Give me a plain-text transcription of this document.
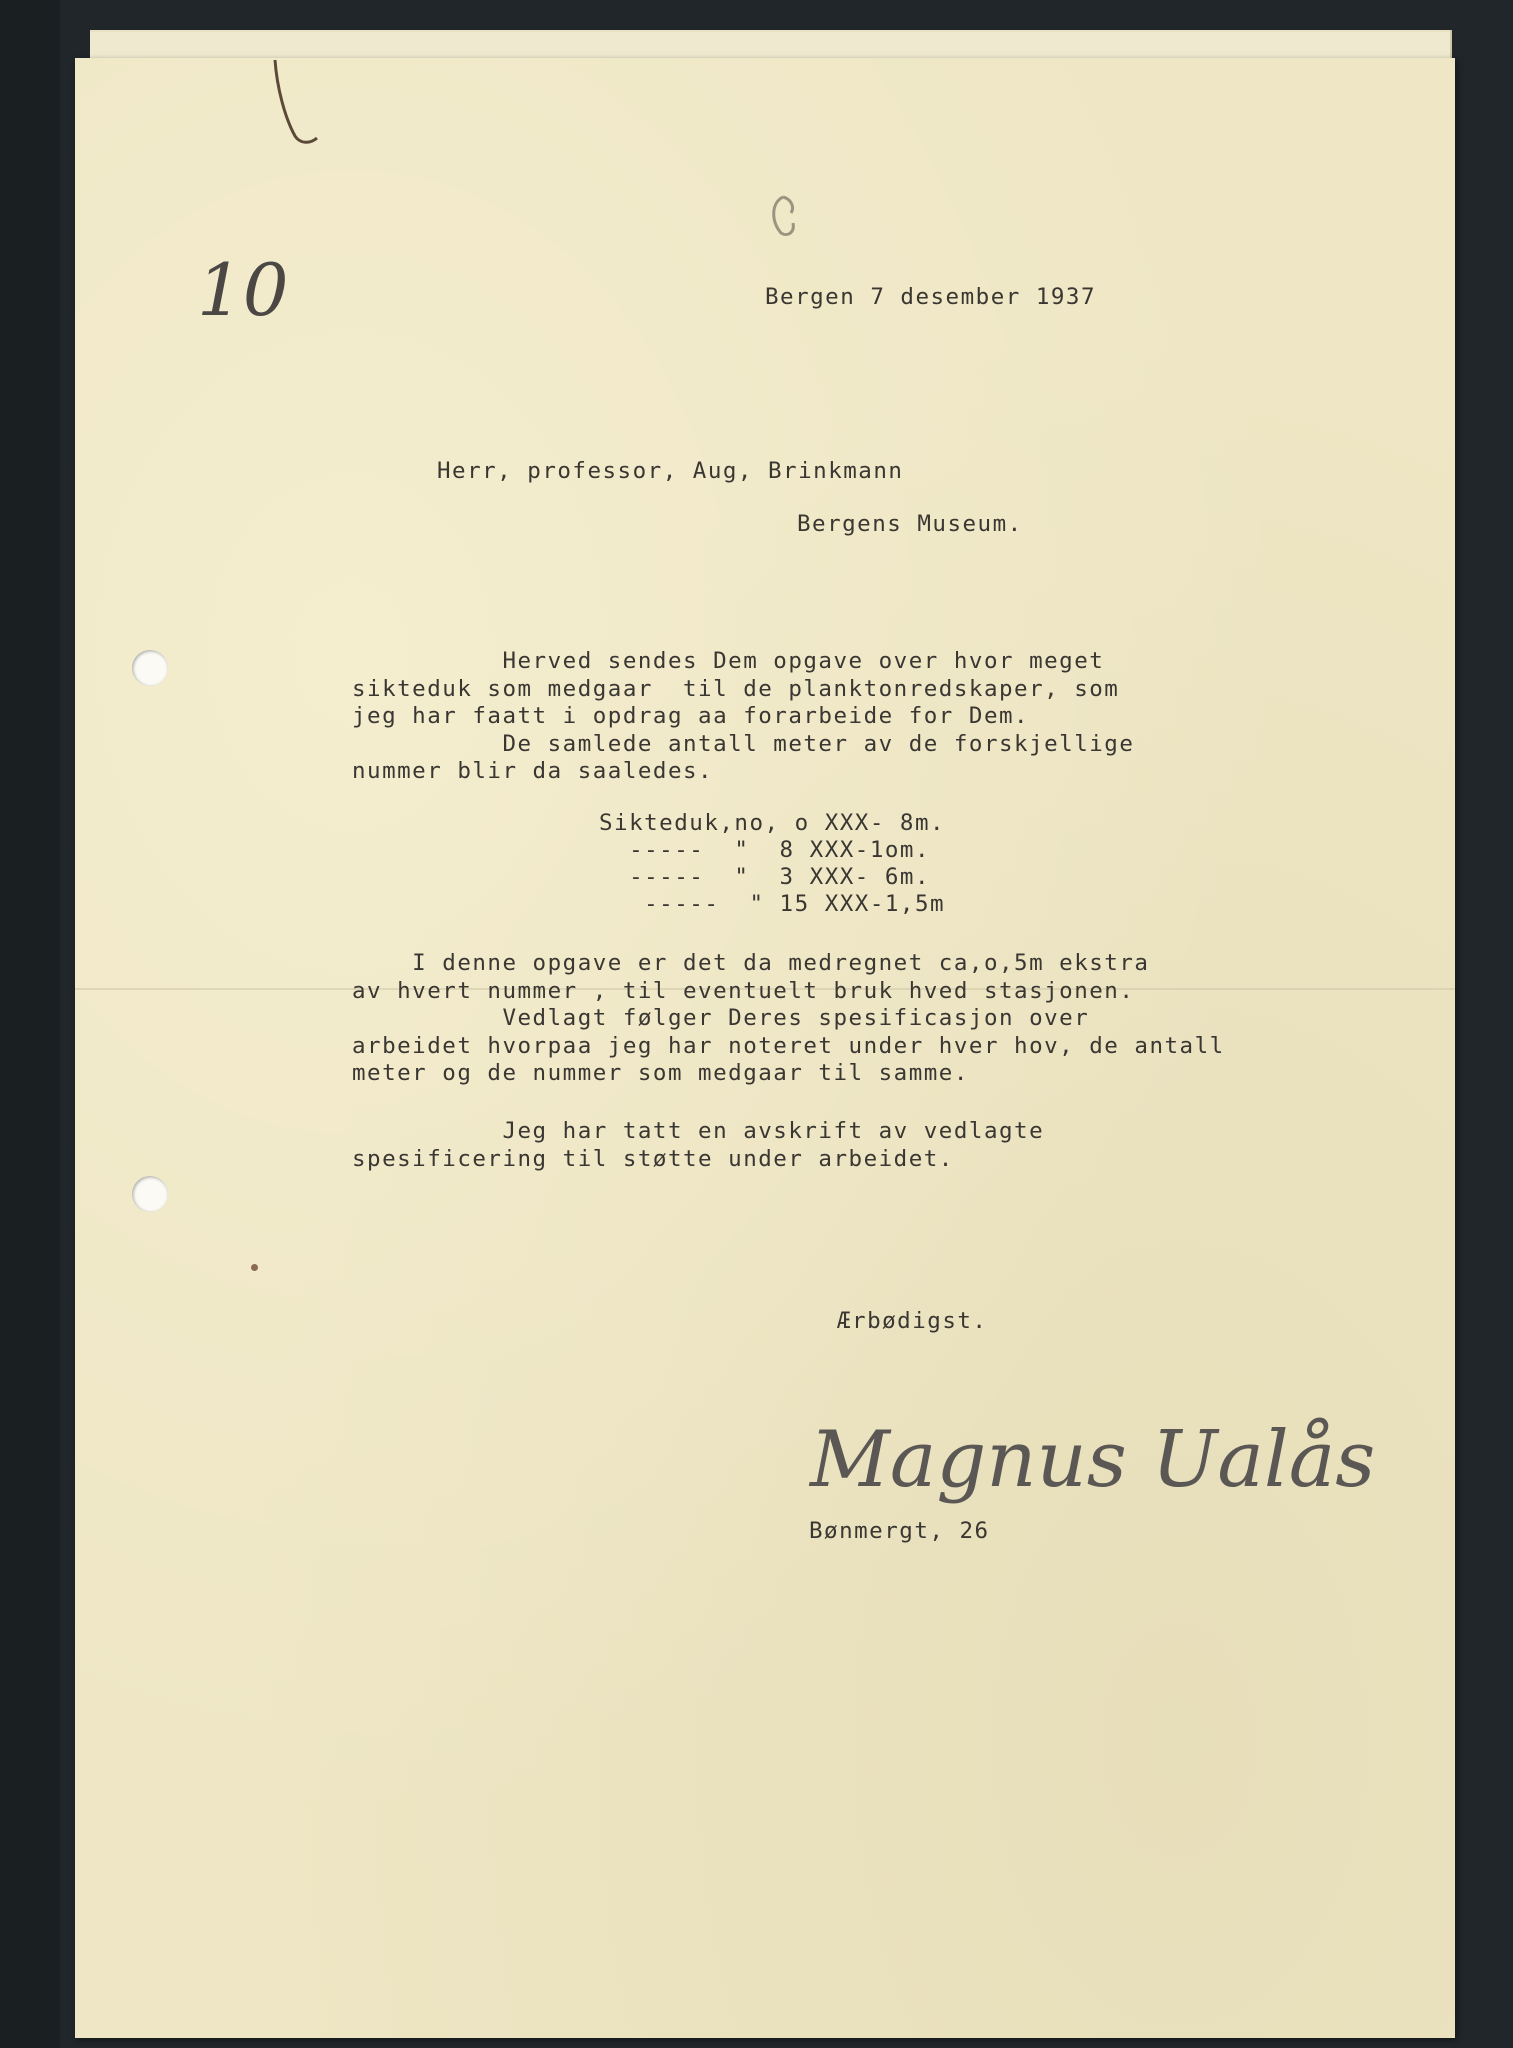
10	Bergen 7 desember 1937

Herr, professor, Aug, Brinkmann

Bergens Museum.

Herved sendes Dem opgave over hvor meget

sikteduk som medgaar  til de planktonredskaper, som

jeg har faatt i opdrag aa forarbeide for Dem.

De samlede antall meter av de forskjellige

nummer blir da saaledes.

Sikteduk,no, o XXX- 8m.

-----  "  8 XXX-1om.

-----  "  3 XXX- 6m.

-----  " 15 XXX-1,5m

I denne opgave er det da medregnet ca,o,5m ekstra

av hvert nummer , til eventuelt bruk hved stasjonen.

Vedlagt følger Deres spesificasjon over

arbeidet hvorpaa jeg har noteret under hver hov, de antall

meter og de nummer som medgaar til samme.

Jeg har tatt en avskrift av vedlagte

spesificering til støtte under arbeidet.

Ærbødigst.

Magnus Ualås

Bønmergt, 26
